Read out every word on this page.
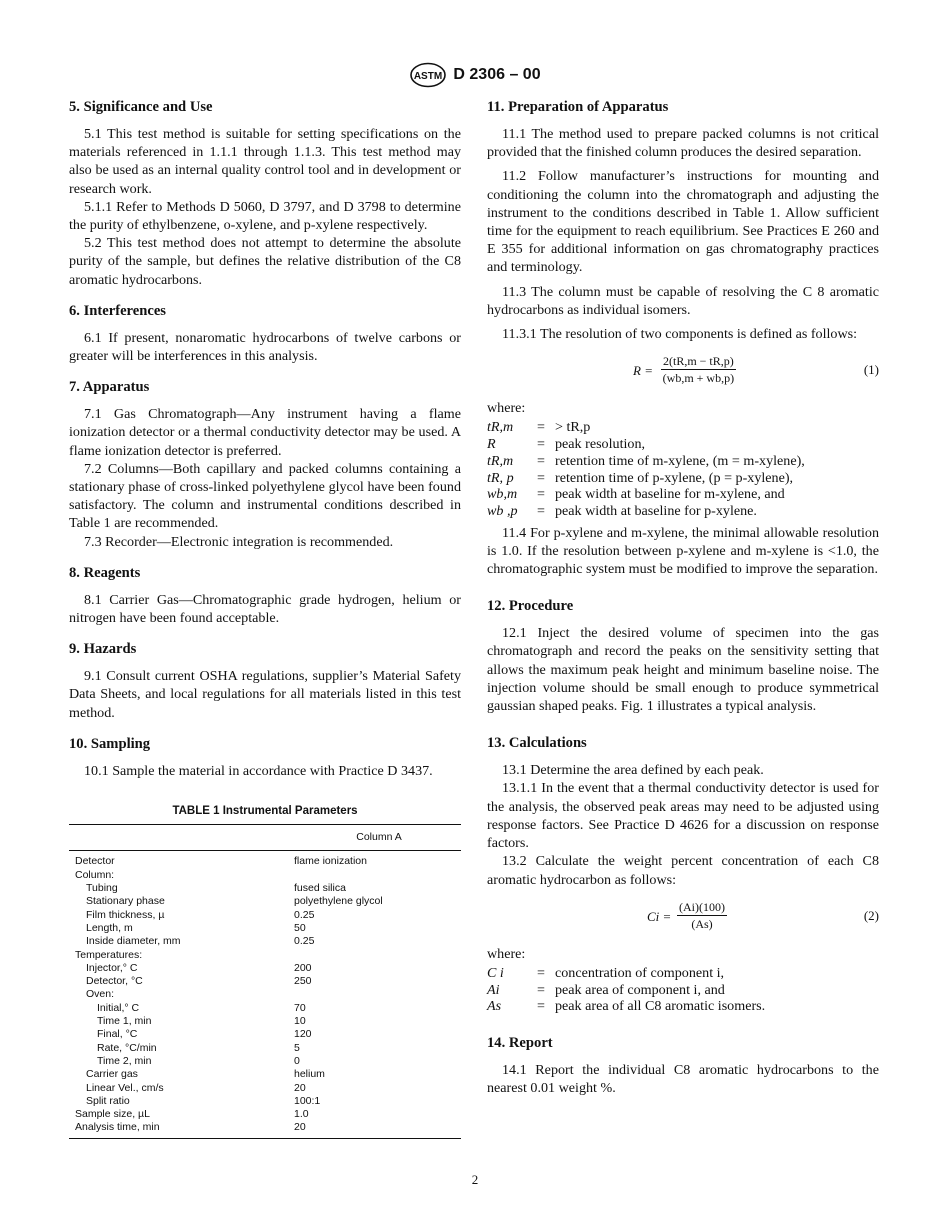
ASTM D 2306 – 00
5. Significance and Use

5.1 This test method is suitable for setting specifications on the materials referenced in 1.1.1 through 1.1.3. This test method may also be used as an internal quality control tool and in development or research work.

5.1.1 Refer to Methods D 5060, D 3797, and D 3798 to determine the purity of ethylbenzene, o-xylene, and p-xylene respectively.

5.2 This test method does not attempt to determine the absolute purity of the sample, but defines the relative distribution of the C8 aromatic hydrocarbons.

6. Interferences

6.1 If present, nonaromatic hydrocarbons of twelve carbons or greater will be interferences in this analysis.

7. Apparatus

7.1 Gas Chromatograph—Any instrument having a flame ionization detector or a thermal conductivity detector may be used. A flame ionization detector is preferred.

7.2 Columns—Both capillary and packed columns containing a stationary phase of cross-linked polyethylene glycol have been found satisfactory. The column and instrumental conditions described in Table 1 are recommended.

7.3 Recorder—Electronic integration is recommended.

8. Reagents

8.1 Carrier Gas—Chromatographic grade hydrogen, helium or nitrogen have been found acceptable.

9. Hazards

9.1 Consult current OSHA regulations, supplier’s Material Safety Data Sheets, and local regulations for all materials listed in this test method.

10. Sampling

10.1 Sample the material in accordance with Practice D 3437.

TABLE 1 Instrumental Parameters
Column A
Detector	flame ionization
Column:
Tubing	fused silica
Stationary phase	polyethylene glycol
Film thickness, µ	0.25
Length, m	50
Inside diameter, mm	0.25
Temperatures:
Injector,° C	200
Detector, °C	250
Oven:
Initial,° C	70
Time 1, min	10
Final, °C	120
Rate, °C/min	5
Time 2, min	0
Carrier gas	helium
Linear Vel., cm/s	20
Split ratio	100:1
Sample size, µL	1.0
Analysis time, min	20
11. Preparation of Apparatus

11.1 The method used to prepare packed columns is not critical provided that the finished column produces the desired separation.

11.2 Follow manufacturer’s instructions for mounting and conditioning the column into the chromatograph and adjusting the instrument to the conditions described in Table 1. Allow sufficient time for the equipment to reach equilibrium. See Practices E 260 and E 355 for additional information on gas chromatography practices and terminology.

11.3 The column must be capable of resolving the C 8 aromatic hydrocarbons as individual isomers.

11.3.1 The resolution of two components is defined as follows:

$R = \frac{2(tR,m - tR,p)}{(wb,m + wb,p)}$	(1)

where:

tR,m	= > tR,p
R	= peak resolution,
tR,m	= retention time of m-xylene, (m = m-xylene),
tR, p	= retention time of p-xylene, (p = p-xylene),
wb,m	= peak width at baseline for m-xylene, and
wb ,p	= peak width at baseline for p-xylene.

11.4 For p-xylene and m-xylene, the minimal allowable resolution is 1.0. If the resolution between p-xylene and m-xylene is <1.0, the chromatographic system must be modified to improve the separation.

12. Procedure

12.1 Inject the desired volume of specimen into the gas chromatograph and record the peaks on the sensitivity setting that allows the maximum peak height and minimum baseline noise. The injection volume should be small enough to produce symmetrical gaussian shaped peaks. Fig. 1 illustrates a typical analysis.

13. Calculations

13.1 Determine the area defined by each peak.

13.1.1 In the event that a thermal conductivity detector is used for the analysis, the observed peak areas may need to be adjusted using response factors. See Practice D 4626 for a discussion on response factors.

13.2 Calculate the weight percent concentration of each C8 aromatic hydrocarbon as follows:

$Ci = \frac{(Ai)(100)}{(As)}$	(2)

where:

C i	= concentration of component i,
Ai	= peak area of component i, and
As	= peak area of all C8 aromatic isomers.
14. Report

14.1 Report the individual C8 aromatic hydrocarbons to the nearest 0.01 weight %.

2
